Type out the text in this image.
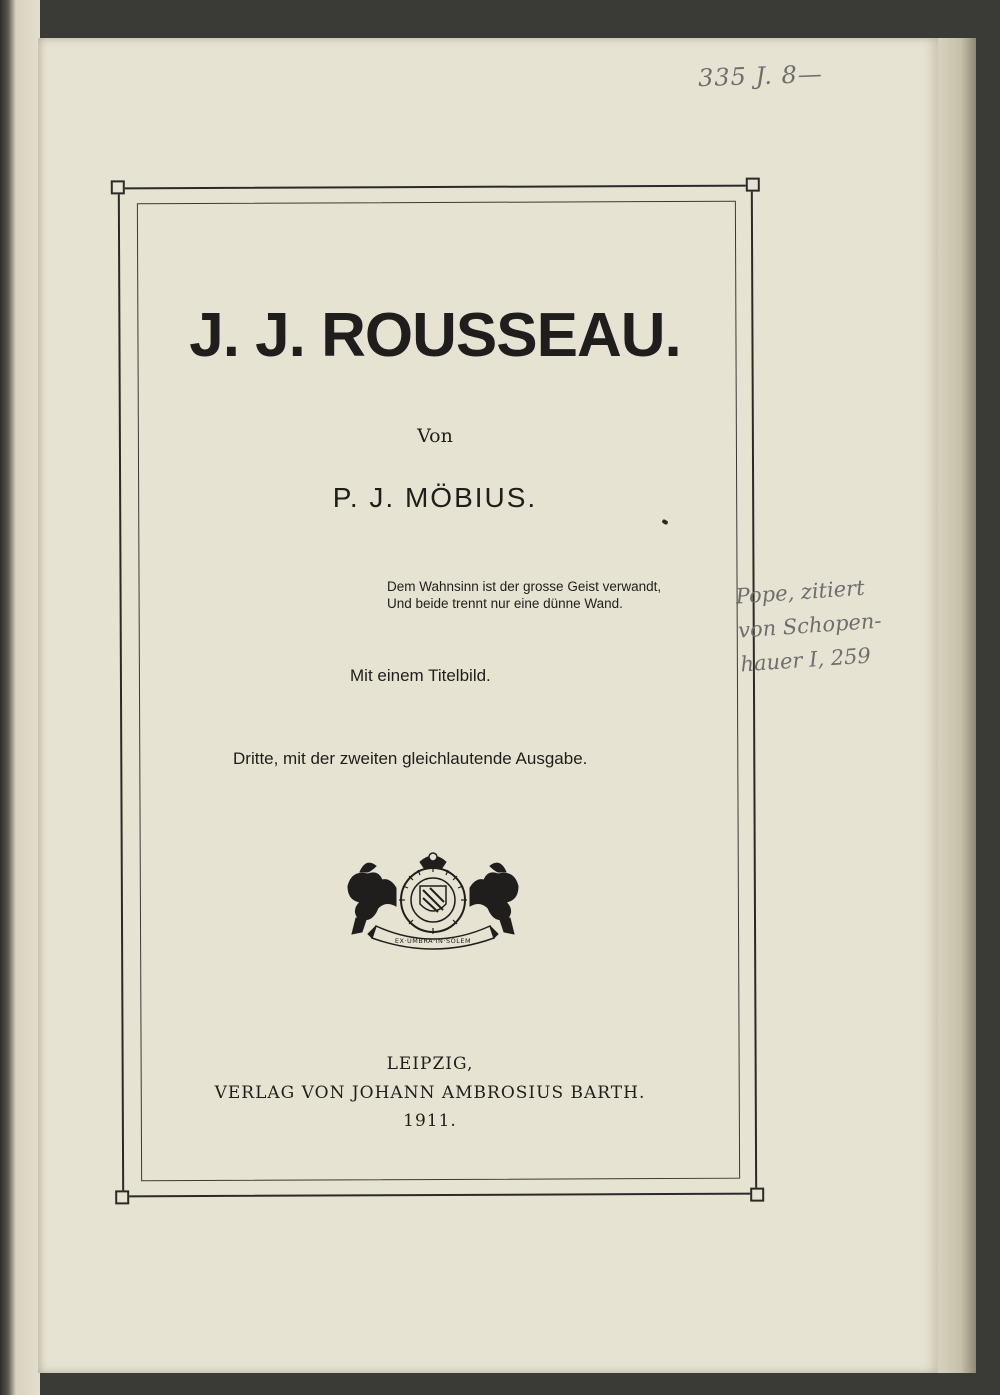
335 J. 8—
J. J. ROUSSEAU.
Von
P. J. MÖBIUS.
Dem Wahnsinn ist der grosse Geist verwandt,
Und beide trennt nur eine dünne Wand.	Pope, zitiert
von Schopen-
hauer I, 259
Mit einem Titelbild.
Dritte, mit der zweiten gleichlautende Ausgabe.
EX·UMBRA·IN·SOLEM
LEIPZIG,
VERLAG VON JOHANN AMBROSIUS BARTH.
1911.
